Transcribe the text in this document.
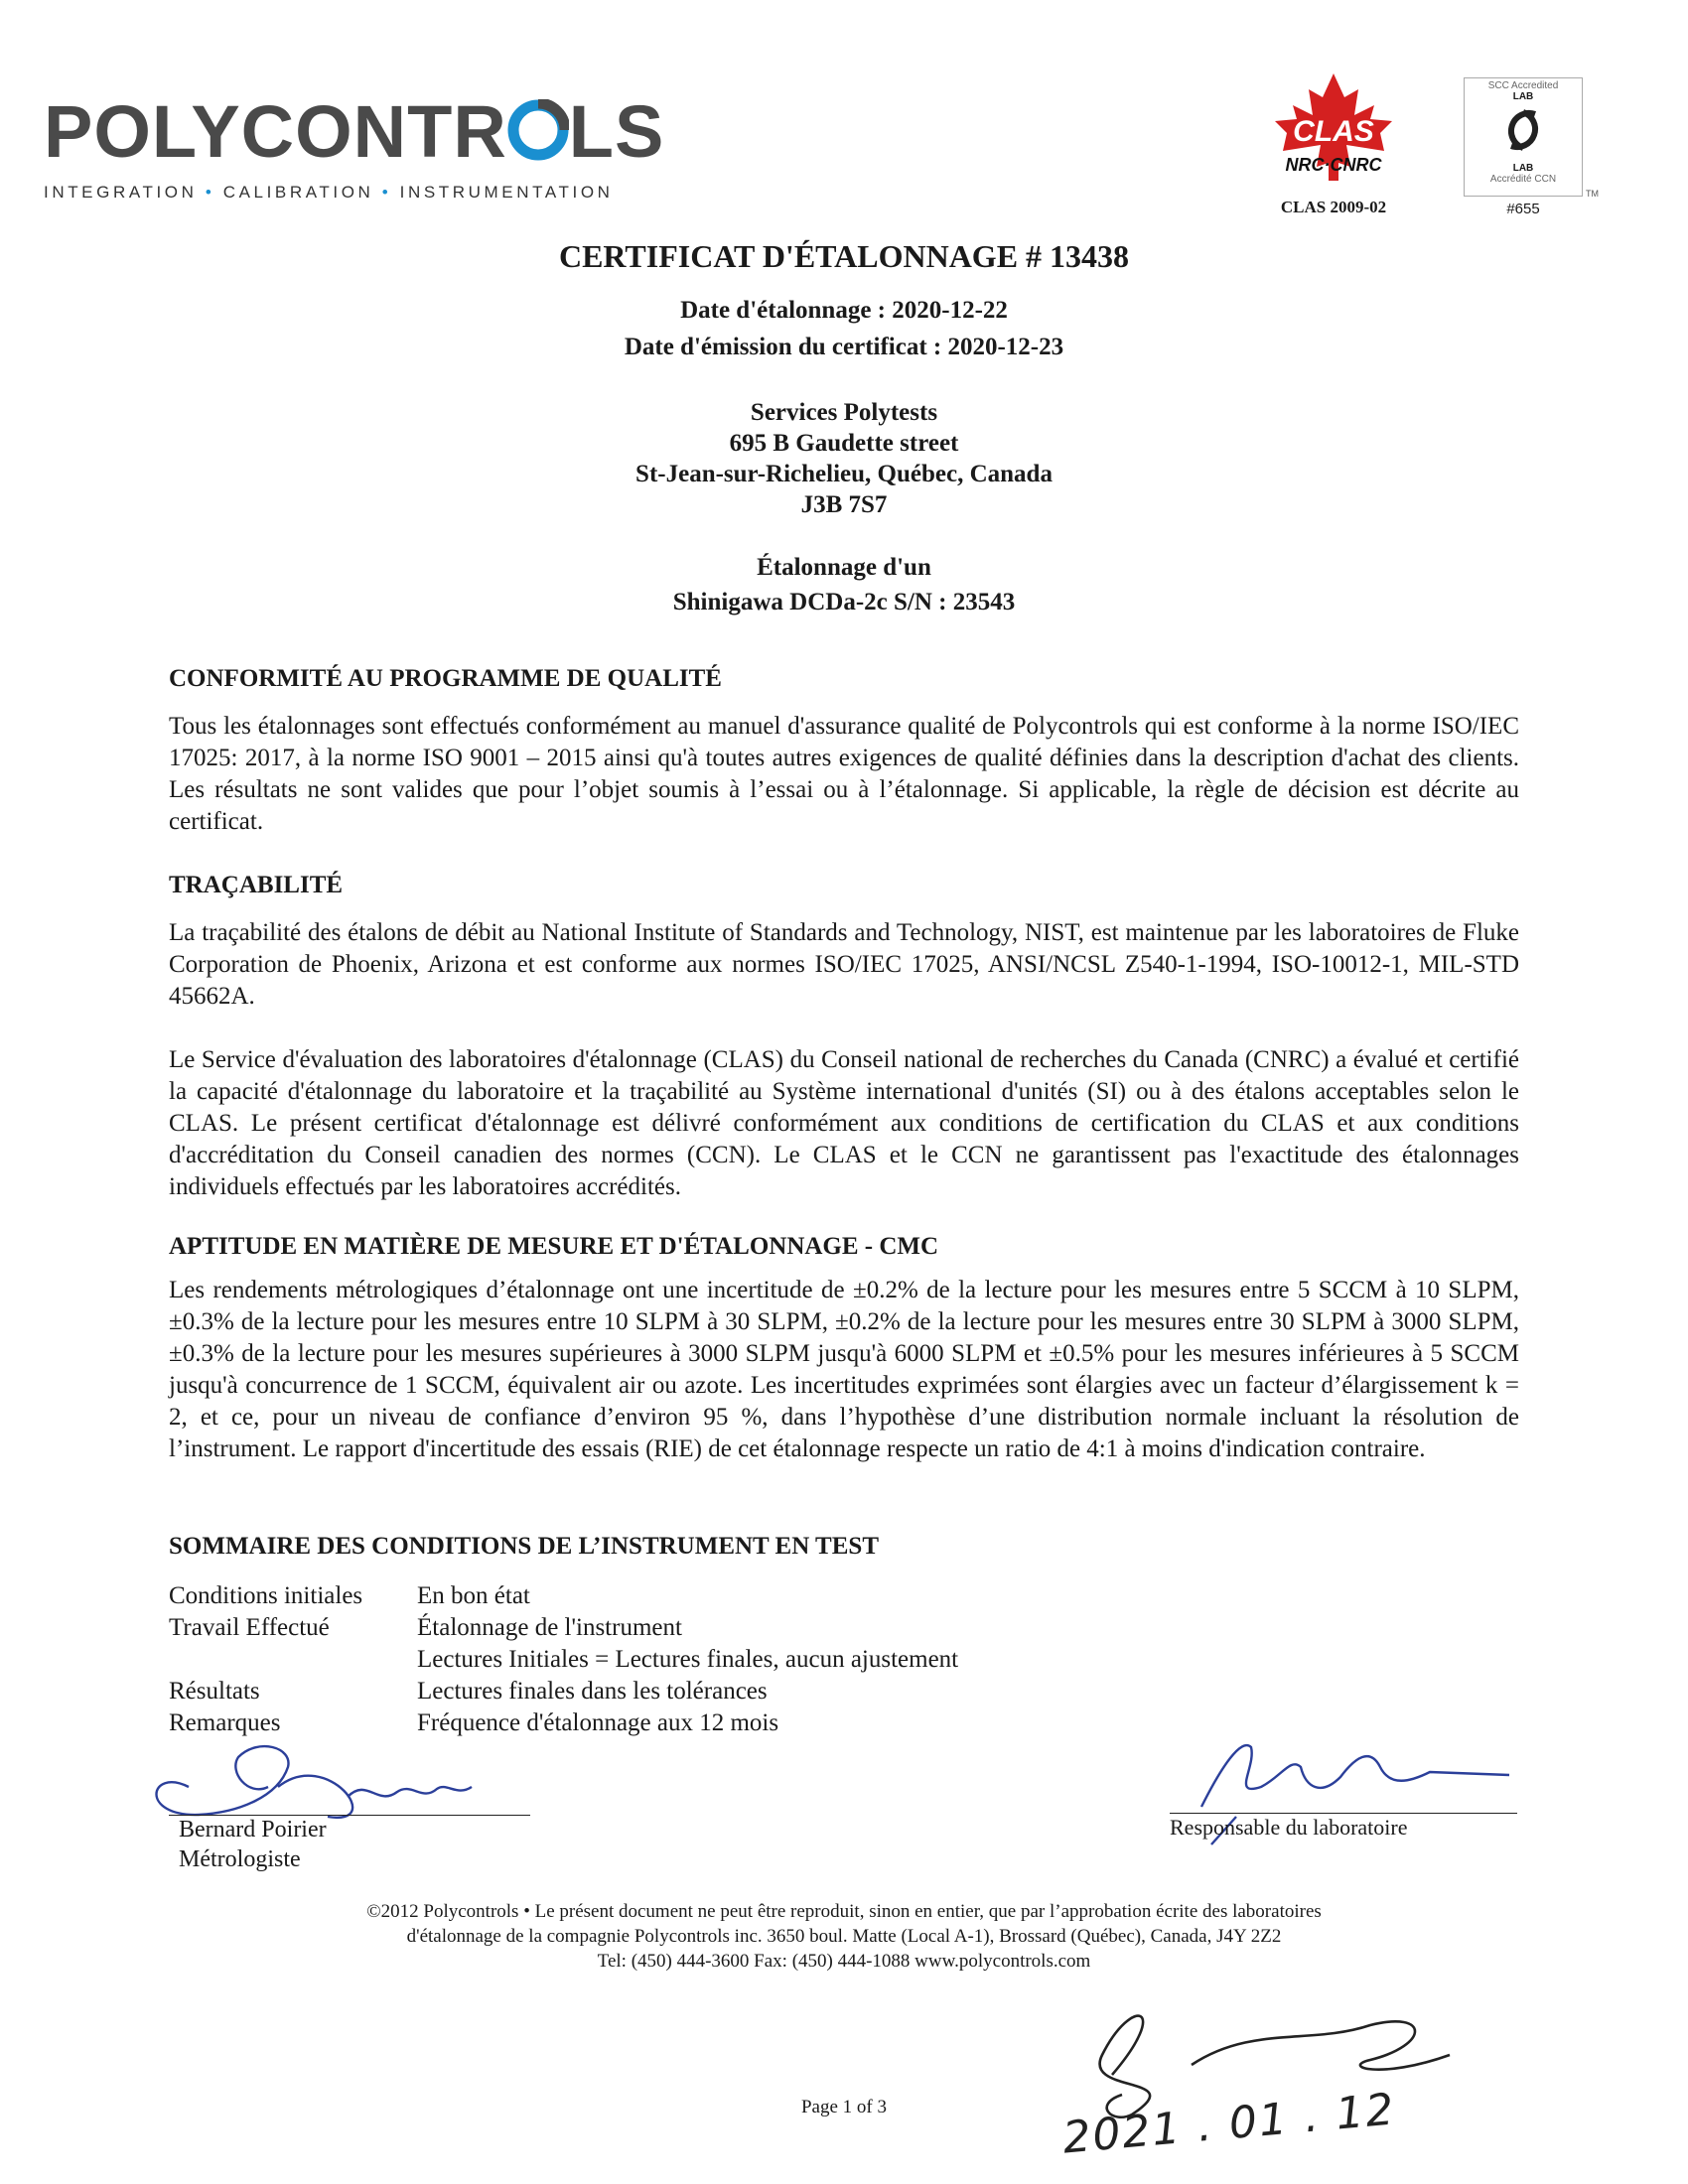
POLYCONTR LS
INTEGRATION • CALIBRATION • INSTRUMENTATION
CLAS
NRC·CNRC
CLAS 2009-02
SCC Accredited
LAB
LAB
Accrédité CCN
TM
#655
CERTIFICAT D'ÉTALONNAGE # 13438
Date d'étalonnage : 2020-12-22
Date d'émission du certificat : 2020-12-23
Services Polytests
695 B Gaudette street
St-Jean-sur-Richelieu, Québec, Canada
J3B 7S7
Étalonnage d'un
Shinigawa DCDa-2c S/N : 23543
CONFORMITÉ AU PROGRAMME DE QUALITÉ

Tous les étalonnages sont effectués conformément au manuel d'assurance qualité de Polycontrols qui est conforme à la norme ISO/IEC 17025: 2017, à la norme ISO 9001 – 2015 ainsi qu'à toutes autres exigences de qualité définies dans la description d'achat des clients. Les résultats ne sont valides que pour l’objet soumis à l’essai ou à l’étalonnage. Si applicable, la règle de décision est décrite au certificat.

TRAÇABILITÉ

La traçabilité des étalons de débit au National Institute of Standards and Technology, NIST, est maintenue par les laboratoires de Fluke Corporation de Phoenix, Arizona et est conforme aux normes ISO/IEC 17025, ANSI/NCSL Z540-1-1994, ISO-10012-1, MIL-STD 45662A.

Le Service d'évaluation des laboratoires d'étalonnage (CLAS) du Conseil national de recherches du Canada (CNRC) a évalué et certifié la capacité d'étalonnage du laboratoire et la traçabilité au Système international d'unités (SI) ou à des étalons acceptables selon le CLAS. Le présent certificat d'étalonnage est délivré conformément aux conditions de certification du CLAS et aux conditions d'accréditation du Conseil canadien des normes (CCN). Le CLAS et le CCN ne garantissent pas l'exactitude des étalonnages individuels effectués par les laboratoires accrédités.

APTITUDE EN MATIÈRE DE MESURE ET D'ÉTALONNAGE - CMC

Les rendements métrologiques d’étalonnage ont une incertitude de ±0.2% de la lecture pour les mesures entre 5 SCCM à 10 SLPM, ±0.3% de la lecture pour les mesures entre 10 SLPM à 30 SLPM, ±0.2% de la lecture pour les mesures entre 30 SLPM à 3000 SLPM, ±0.3% de la lecture pour les mesures supérieures à 3000 SLPM jusqu'à 6000 SLPM et ±0.5% pour les mesures inférieures à 5 SCCM jusqu'à concurrence de 1 SCCM, équivalent air ou azote. Les incertitudes exprimées sont élargies avec un facteur d’élargissement k = 2, et ce, pour un niveau de confiance d’environ 95 %, dans l’hypothèse d’une distribution normale incluant la résolution de l’instrument. Le rapport d'incertitude des essais (RIE) de cet étalonnage respecte un ratio de 4:1 à moins d'indication contraire.

SOMMAIRE DES CONDITIONS DE L’INSTRUMENT EN TEST
Conditions initiales	En bon état
Travail Effectué	Étalonnage de l'instrument
	Lectures Initiales = Lectures finales, aucun ajustement
Résultats	Lectures finales dans les tolérances
Remarques	Fréquence d'étalonnage aux 12 mois
Bernard Poirier
Métrologiste
Responsable du laboratoire
©2012 Polycontrols • Le présent document ne peut être reproduit, sinon en entier, que par l’approbation écrite des laboratoires
d'étalonnage de la compagnie Polycontrols inc. 3650 boul. Matte (Local A-1), Brossard (Québec), Canada, J4Y 2Z2
Tel: (450) 444-3600 Fax: (450) 444-1088 www.polycontrols.com
2021 . 01 . 12
Page 1 of 3
